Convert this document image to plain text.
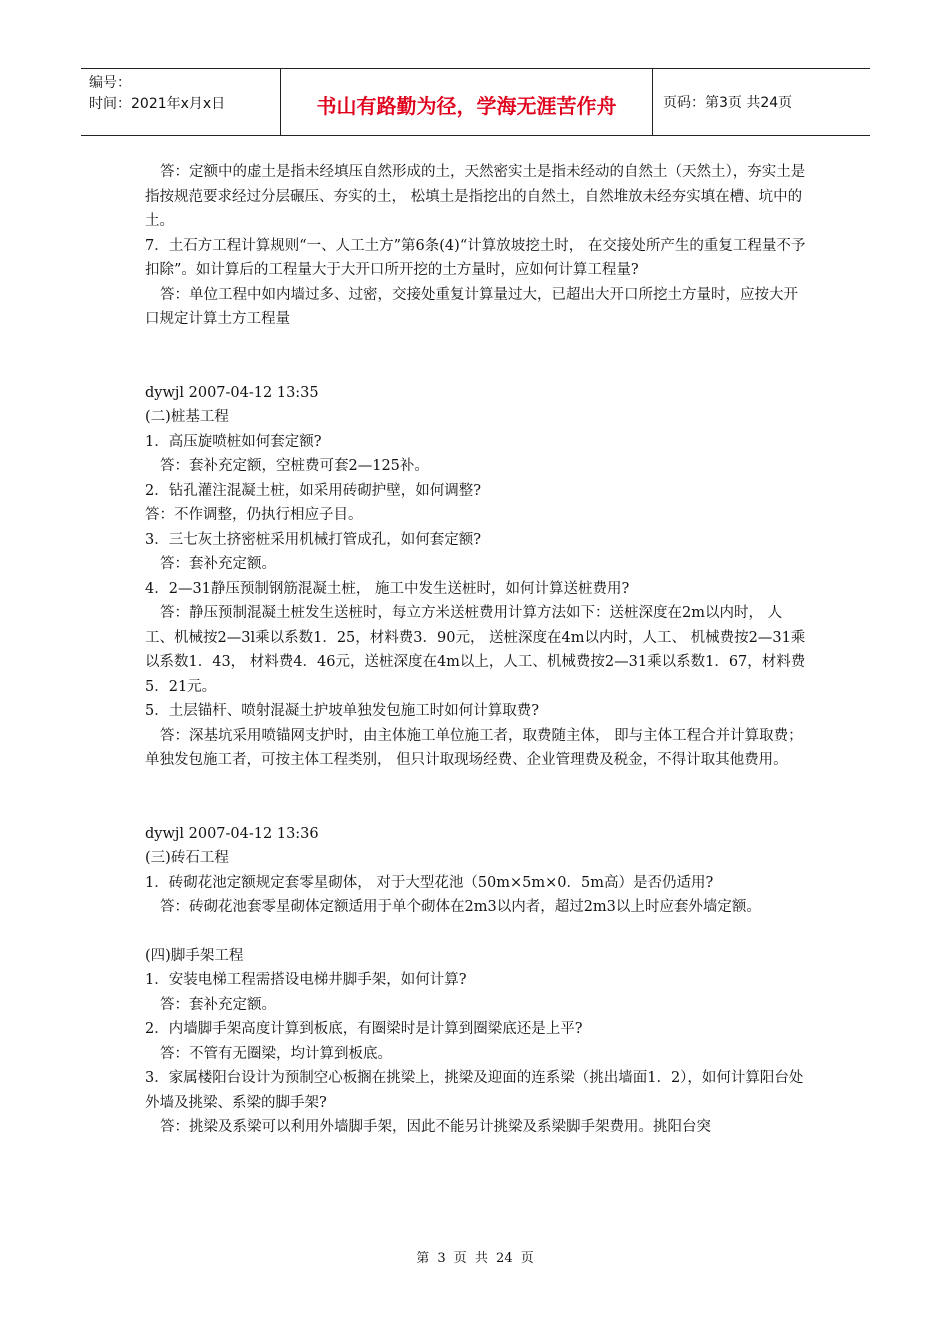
编号：
时间：2021年x月x日	书山有路勤为径，学海无涯苦作舟	页码：第3页 共24页

答：定额中的虚土是指未经填压自然形成的土，天然密实土是指未经动的自然土（天然土），夯实土是指按规范要求经过分层碾压、夯实的土， 松填土是指挖出的自然土，自然堆放未经夯实填在槽、坑中的土。

7．土石方工程计算规则“一、人工土方”第6条(4)“计算放坡挖土时， 在交接处所产生的重复工程量不予扣除”。如计算后的工程量大于大开口所开挖的土方量时，应如何计算工程量?

答：单位工程中如内墙过多、过密，交接处重复计算量过大，已超出大开口所挖土方量时，应按大开口规定计算土方工程量

dywjl 2007-04-12 13:35

(二)桩基工程

1．高压旋喷桩如何套定额?

答：套补充定额，空桩费可套2—125补。

2．钻孔灌注混凝土桩，如采用砖砌护壁，如何调整?

答：不作调整，仍执行相应子目。

3．三七灰土挤密桩采用机械打管成孔，如何套定额?

答：套补充定额。

4．2—31静压预制钢筋混凝土桩， 施工中发生送桩时，如何计算送桩费用?

答：静压预制混凝土桩发生送桩时，每立方米送桩费用计算方法如下：送桩深度在2m以内时， 人工、机械按2—3l乘以系数1．25，材料费3．90元， 送桩深度在4m以内时，人工、 机械费按2—31乘以系数1．43， 材料费4．46元，送桩深度在4m以上，人工、机械费按2—31乘以系数1．67，材料费5．21元。

5．土层锚杆、喷射混凝土护坡单独发包施工时如何计算取费?

答：深基坑采用喷锚网支护时，由主体施工单位施工者，取费随主体， 即与主体工程合并计算取费；单独发包施工者，可按主体工程类别， 但只计取现场经费、企业管理费及税金，不得计取其他费用。

dywjl 2007-04-12 13:36

(三)砖石工程

1．砖砌花池定额规定套零星砌体， 对于大型花池（50m×5m×0．5m高）是否仍适用?

答：砖砌花池套零星砌体定额适用于单个砌体在2m3以内者，超过2m3以上时应套外墙定额。

(四)脚手架工程

1．安装电梯工程需搭设电梯井脚手架，如何计算?

答：套补充定额。

2．内墙脚手架高度计算到板底，有圈梁时是计算到圈梁底还是上平?

答：不管有无圈梁，均计算到板底。

3．家属楼阳台设计为预制空心板搁在挑梁上，挑梁及迎面的连系梁（挑出墙面1．2），如何计算阳台处外墙及挑梁、系梁的脚手架?

答：挑梁及系梁可以利用外墙脚手架，因此不能另计挑梁及系梁脚手架费用。挑阳台突

第 3 页 共 24 页
